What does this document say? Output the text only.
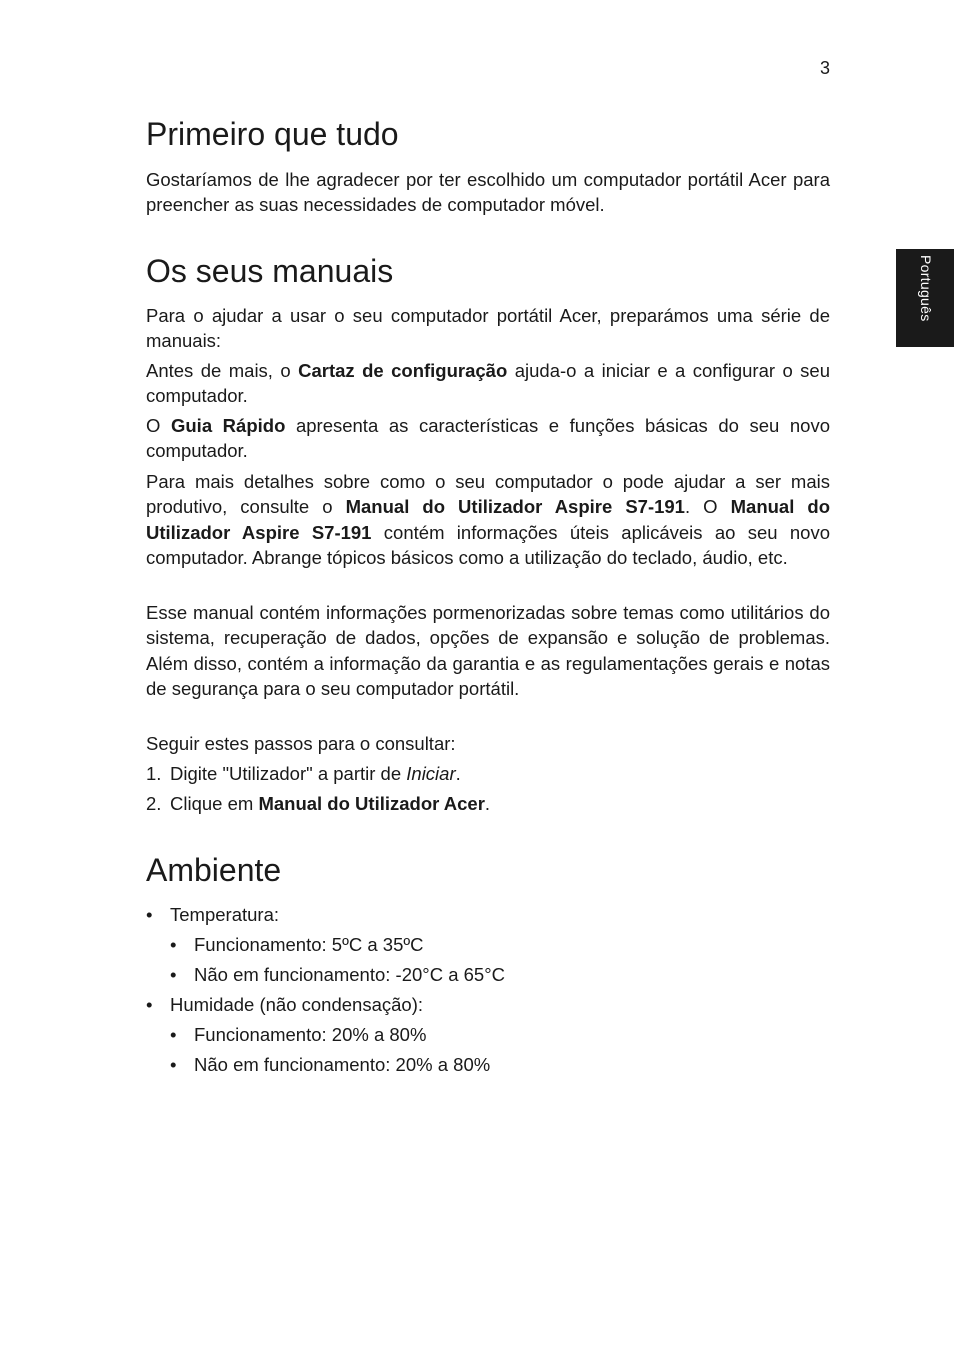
3
Português
Primeiro que tudo
Gostaríamos de lhe agradecer por ter escolhido um computador portátil Acer para preencher as suas necessidades de computador móvel.
Os seus manuais
Para o ajudar a usar o seu computador portátil Acer, preparámos uma série de manuais:
Antes de mais, o Cartaz de configuração ajuda-o a iniciar e a configurar o seu computador.
O Guia Rápido apresenta as características e funções básicas do seu novo computador.
Para mais detalhes sobre como o seu computador o pode ajudar a ser mais produtivo, consulte o Manual do Utilizador Aspire S7-191. O Manual do Utilizador Aspire S7-191 contém informações úteis aplicáveis ao seu novo computador. Abrange tópicos básicos como a utilização do teclado, áudio, etc.
Esse manual contém informações pormenorizadas sobre temas como utilitários do sistema, recuperação de dados, opções de expansão e solução de problemas. Além disso, contém a informação da garantia e as regulamentações gerais e notas de segurança para o seu computador portátil.
Seguir estes passos para o consultar:
1. Digite "Utilizador" a partir de Iniciar.
2. Clique em Manual do Utilizador Acer.
Ambiente
• Temperatura:
• Funcionamento: 5ºC a 35ºC
• Não em funcionamento: -20°C a 65°C
• Humidade (não condensação):
• Funcionamento: 20% a 80%
• Não em funcionamento: 20% a 80%
